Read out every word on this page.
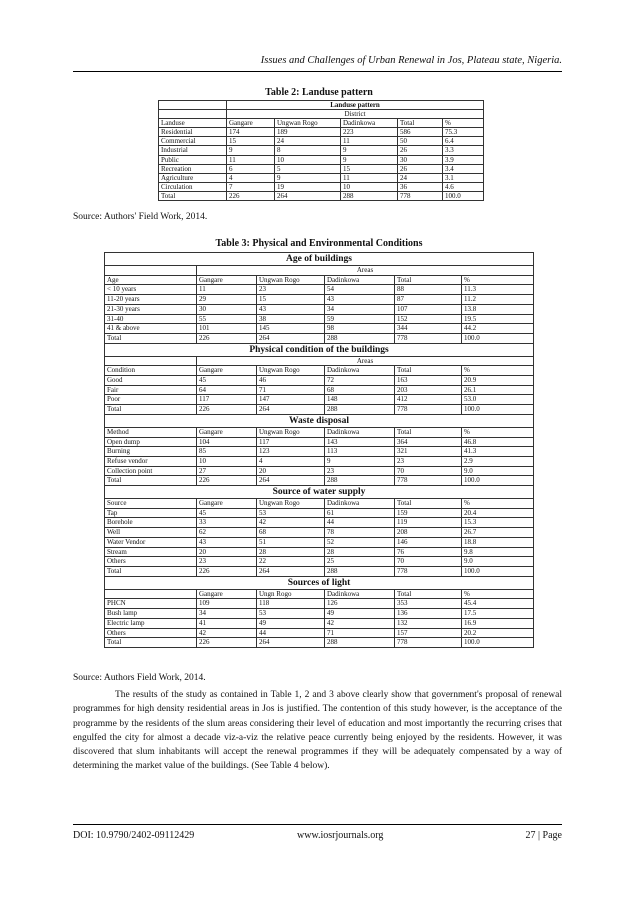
Issues and Challenges of Urban Renewal in Jos, Plateau state, Nigeria.
Table 2: Landuse pattern
	Landuse pattern				
	District				
Landuse	Gangare	Ungwan Rogo	Dadinkowa	Total	%
Residential	174	189	223	586	75.3
Commercial	15	24	11	50	6.4
Industrial	9	8	9	26	3.3
Public	11	10	9	30	3.9
Recreation	6	5	15	26	3.4
Agriculture	4	9	11	24	3.1
Circulation	7	19	10	36	4.6
Total	226	264	288	778	100.0
Source: Authors' Field Work, 2014.
Table 3: Physical and Environmental Conditions
Age of buildings					
	Areas				
Age	Gangare	Ungwan Rogo	Dadinkowa	Total	%
< 10 years	11	23	54	88	11.3
11-20 years	29	15	43	87	11.2
21-30 years	30	43	34	107	13.8
31-40	55	38	59	152	19.5
41 & above	101	145	98	344	44.2
Total	226	264	288	778	100.0
Physical condition of the buildings					
	Areas				
Condition	Gangare	Ungwan Rogo	Dadinkowa	Total	%
Good	45	46	72	163	20.9
Fair	64	71	68	203	26.1
Poor	117	147	148	412	53.0
Total	226	264	288	778	100.0
Waste disposal					
Method	Gangare	Ungwan Rogo	Dadinkowa	Total	%
Open dump	104	117	143	364	46.8
Burning	85	123	113	321	41.3
Refuse vendor	10	4	9	23	2.9
Collection point	27	20	23	70	9.0
Total	226	264	288	778	100.0
Source of water supply					
Source	Gangare	Ungwan Rogo	Dadinkowa	Total	%
Tap	45	53	61	159	20.4
Borehole	33	42	44	119	15.3
Well	62	68	78	208	26.7
Water Vendor	43	51	52	146	18.8
Stream	20	28	28	76	9.8
Others	23	22	25	70	9.0
Total	226	264	288	778	100.0
Sources of light					
	Gangare	Ungn Rogo	Dadinkowa	Total	%
PHCN	109	118	126	353	45.4
Bush lamp	34	53	49	136	17.5
Electric lamp	41	49	42	132	16.9
Others	42	44	71	157	20.2
Total	226	264	288	778	100.0
Source: Authors Field Work, 2014.

The results of the study as contained in Table 1, 2 and 3 above clearly show that government's proposal of renewal programmes for high density residential areas in Jos is justified. The contention of this study however, is the acceptance of the programme by the residents of the slum areas considering their level of education and most importantly the recurring crises that engulfed the city for almost a decade viz-a-viz the relative peace currently being enjoyed by the residents. However, it was discovered that slum inhabitants will accept the renewal programmes if they will be adequately compensated by a way of determining the market value of the buildings. (See Table 4 below).

DOI: 10.9790/2402-09112429	www.iosrjournals.org	27 | Page
